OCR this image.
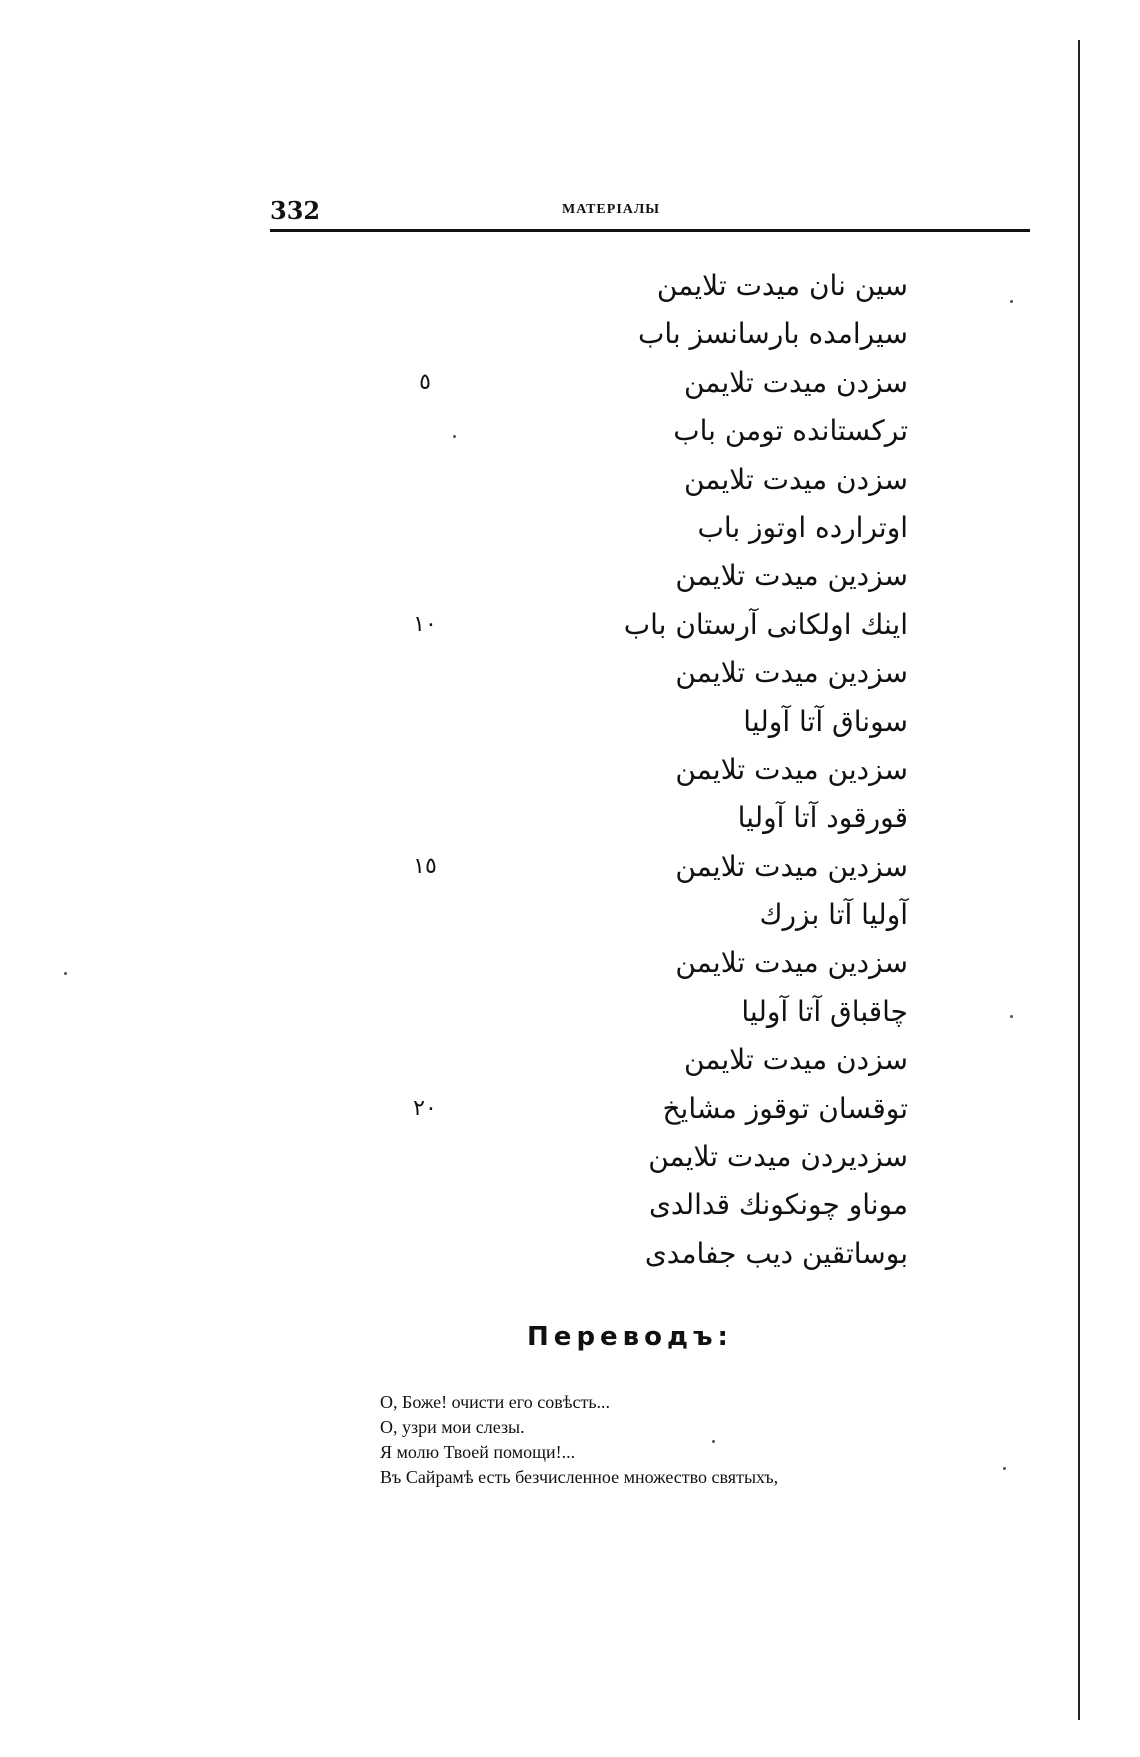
332	МАТЕРІАЛЫ
سین نان میدت تلایمن
سیرامده بارسانسز باب
٥	سزدن میدت تلایمن
ترکستانده تومن باب
سزدن میدت تلایمن
اوترارده اوتوز باب
سزدین میدت تلایمن
١٠	اینك اولكانی آرستان باب
سزدین میدت تلایمن
سوناق آتا آولیا
سزدین میدت تلایمن
قورقود آتا آولیا
١٥	سزدین میدت تلایمن
آولیا آتا بزرك
سزدین میدت تلایمن
چاقباق آتا آولیا
سزدن میدت تلایمن
٢٠	توقسان توقوز مشایخ
سزدیردن میدت تلایمن
موناو چونکونك قدالدی
بوساتقین دیب جفامدی
Переводъ:
О, Боже! очисти его совѣсть...
О, узри мои слезы.
Я молю Твоей помощи!...
Въ Сайрамѣ есть безчисленное множество святыхъ,
